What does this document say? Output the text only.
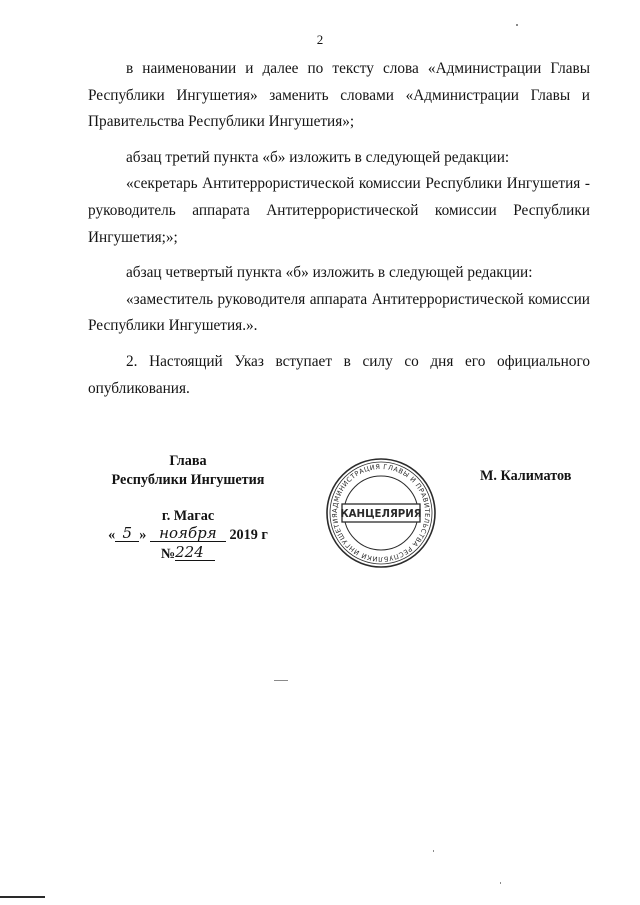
2

в наименовании и далее по тексту слова «Администрации Главы Республики Ингушетия» заменить словами «Администрации Главы и Правительства Республики Ингушетия»;

абзац третий пункта «б» изложить в следующей редакции:

«секретарь Антитеррористической комиссии Республики Ингушетия - руководитель аппарата Антитеррористической комиссии Республики Ингушетия;»;

абзац четвертый пункта «б» изложить в следующей редакции:

«заместитель руководителя аппарата Антитеррористической комиссии Республики Ингушетия.».

2. Настоящий Указ вступает в силу со дня его официального опубликования.

Глава
Республики Ингушетия
г. Магас
« 5 » ноября 2019 г
№224
АДМИНИСТРАЦИЯ ГЛАВЫ И ПРАВИТЕЛЬСТВА РЕСПУБЛИКИ ИНГУШЕТИЯ КАНЦЕЛЯРИЯ
М. Калиматов
